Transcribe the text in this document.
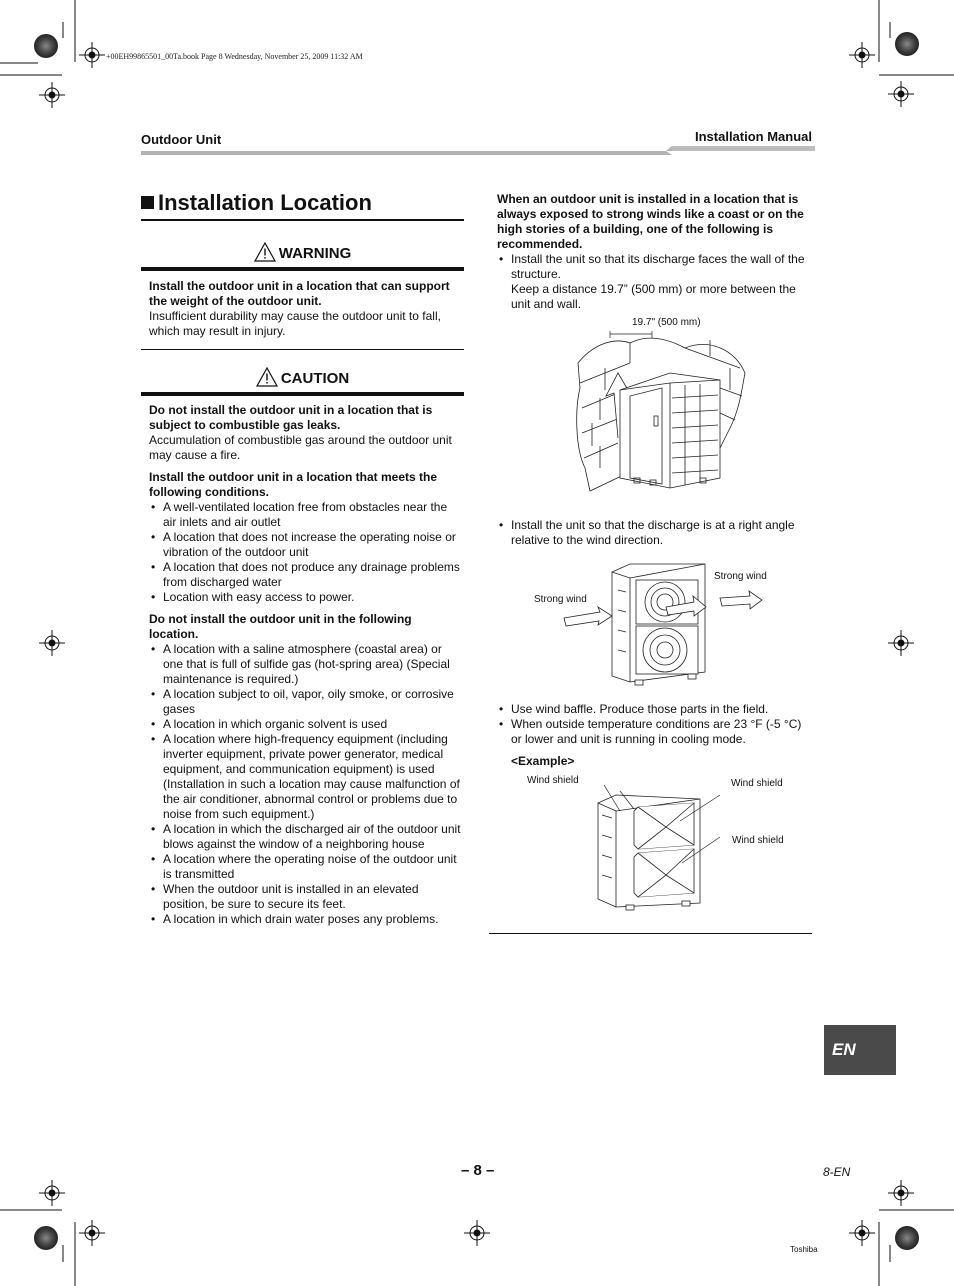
+00EH99865501_00Ta.book Page 8 Wednesday, November 25, 2009 11:32 AM
Outdoor Unit	Installation Manual
Installation Location
WARNING

Install the outdoor unit in a location that can support the weight of the outdoor unit.

Insufficient durability may cause the outdoor unit to fall, which may result in injury.

CAUTION

Do not install the outdoor unit in a location that is subject to combustible gas leaks.

Accumulation of combustible gas around the outdoor unit may cause a fire.

Install the outdoor unit in a location that meets the following conditions.

• A well-ventilated location free from obstacles near the air inlets and air outlet
• A location that does not increase the operating noise or vibration of the outdoor unit
• A location that does not produce any drainage problems from discharged water
• Location with easy access to power.

Do not install the outdoor unit in the following location.

• A location with a saline atmosphere (coastal area) or one that is full of sulfide gas (hot-spring area) (Special maintenance is required.)
• A location subject to oil, vapor, oily smoke, or corrosive gases
• A location in which organic solvent is used
• A location where high-frequency equipment (including inverter equipment, private power generator, medical equipment, and communication equipment) is used (Installation in such a location may cause malfunction of the air conditioner, abnormal control or problems due to noise from such equipment.)
• A location in which the discharged air of the outdoor unit blows against the window of a neighboring house
• A location where the operating noise of the outdoor unit is transmitted
• When the outdoor unit is installed in an elevated position, be sure to secure its feet.
• A location in which drain water poses any problems.

When an outdoor unit is installed in a location that is always exposed to strong winds like a coast or on the high stories of a building, one of the following is recommended.

• Install the unit so that its discharge faces the wall of the structure.
Keep a distance 19.7” (500 mm) or more between the unit and wall.
19.7" (500 mm)
• Install the unit so that the discharge is at a right angle relative to the wind direction.
Strong wind
Strong wind
• Use wind baffle. Produce those parts in the field.
• When outside temperature conditions are 23 °F (-5 °C) or lower and unit is running in cooling mode.

<Example>

Wind shield	Wind shield
Wind shield
EN
– 8 –	8-EN
Toshiba
